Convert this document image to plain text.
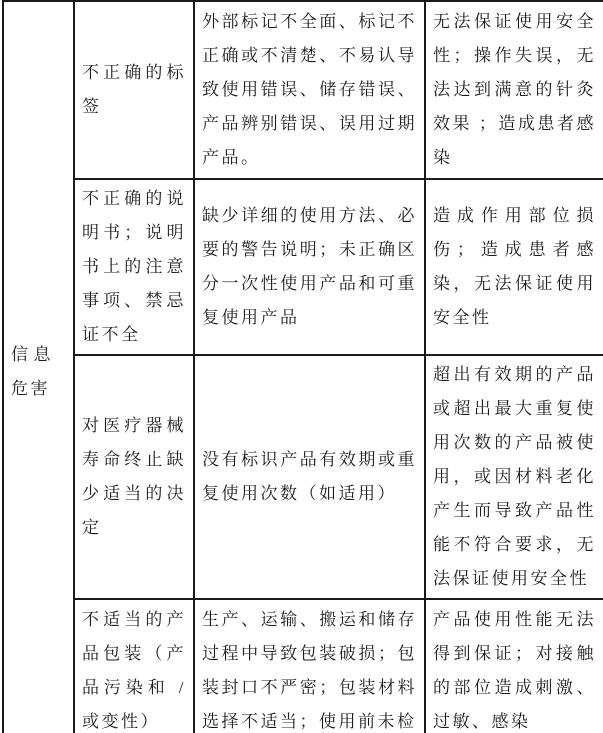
信息危害	不正确的标签	外部标记不全面、标记不正确或不清楚、不易认导致使用错误、储存错误、产品辨别错误、误用过期产品。	无法保证使用安全性；操作失误，无法达到满意的针灸效果 ；造成患者感染
	不正确的说明书；说明书上的注意事项、禁忌证不全	缺少详细的使用方法、必要的警告说明；未正确区分一次性使用产品和可重复使用产品	造成作用部位损伤；造成患者感染，无法保证使用安全性
	对医疗器械寿命终止缺少适当的决定	没有标识产品有效期或重复使用次数（如适用）	超出有效期的产品或超出最大重复使用次数的产品被使用，或因材料老化产生而导致产品性能不符合要求，无法保证使用安全性
	不适当的产品包装（产品污染和 / 或变性）	生产、运输、搬运和储存过程中导致包装破损；包装封口不严密；包装材料选择不适当；使用前未检	产品使用性能无法得到保证；对接触的部位造成刺激、过敏、感染
